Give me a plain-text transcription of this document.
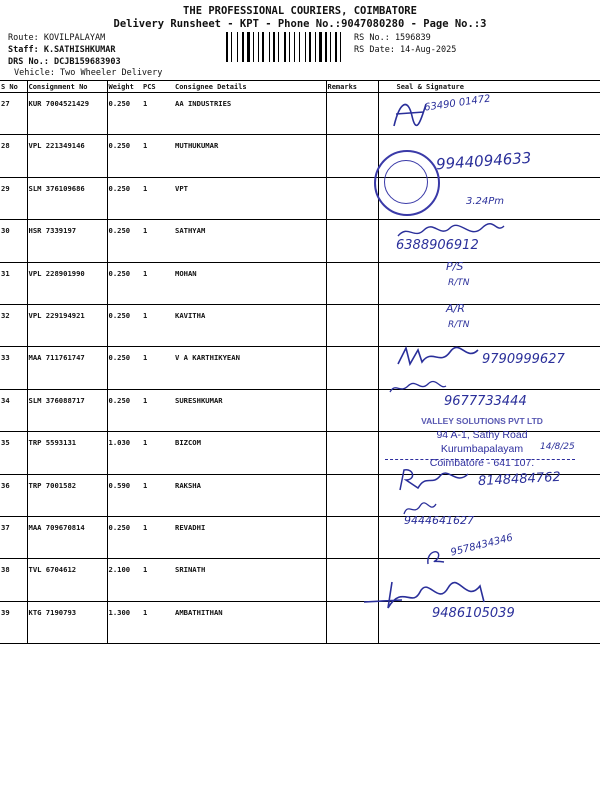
THE PROFESSIONAL COURIERS, COIMBATORE
Delivery Runsheet - KPT - Phone No.:9047080280 - Page No.:3
Route: KOVILPALAYAM
Staff: K.SATHISHKUMAR
DRS No.: DCJB159683903
Vehicle: Two Wheeler Delivery
RS No.: 1596839
RS Date: 14-Aug-2025
S No	Consignment No	Weight	PCS	Consignee Details	Remarks	Seal & Signature
27	KUR 7004521429	0.250	1	AA INDUSTRIES		
28	VPL 221349146	0.250	1	MUTHUKUMAR		
29	SLM 376109686	0.250	1	VPT		
30	HSR 7339197	0.250	1	SATHYAM		
31	VPL 228901990	0.250	1	MOHAN		
32	VPL 229194921	0.250	1	KAVITHA		
33	MAA 711761747	0.250	1	V A KARTHIKYEAN		
34	SLM 376088717	0.250	1	SURESHKUMAR		
35	TRP 5593131	1.030	1	BIZCOM		
36	TRP 7001582	0.590	1	RAKSHA		
37	MAA 709670814	0.250	1	REVADHI		
38	TVL 6704612	2.100	1	SRINATH		
39	KTG 7190793	1.300	1	AMBATHITHAN		
63490 01472
9944094633
3.24Pm
6388906912
P/S
R/TN
A/R
R/TN
9790999627
9677733444
VALLEY SOLUTIONS PVT LTD
94 A-1, Sathy Road
Kurumbapalayam
Coimbatore - 641 107.
14/8/25
8148484762
9444641627
9578434346
9486105039
